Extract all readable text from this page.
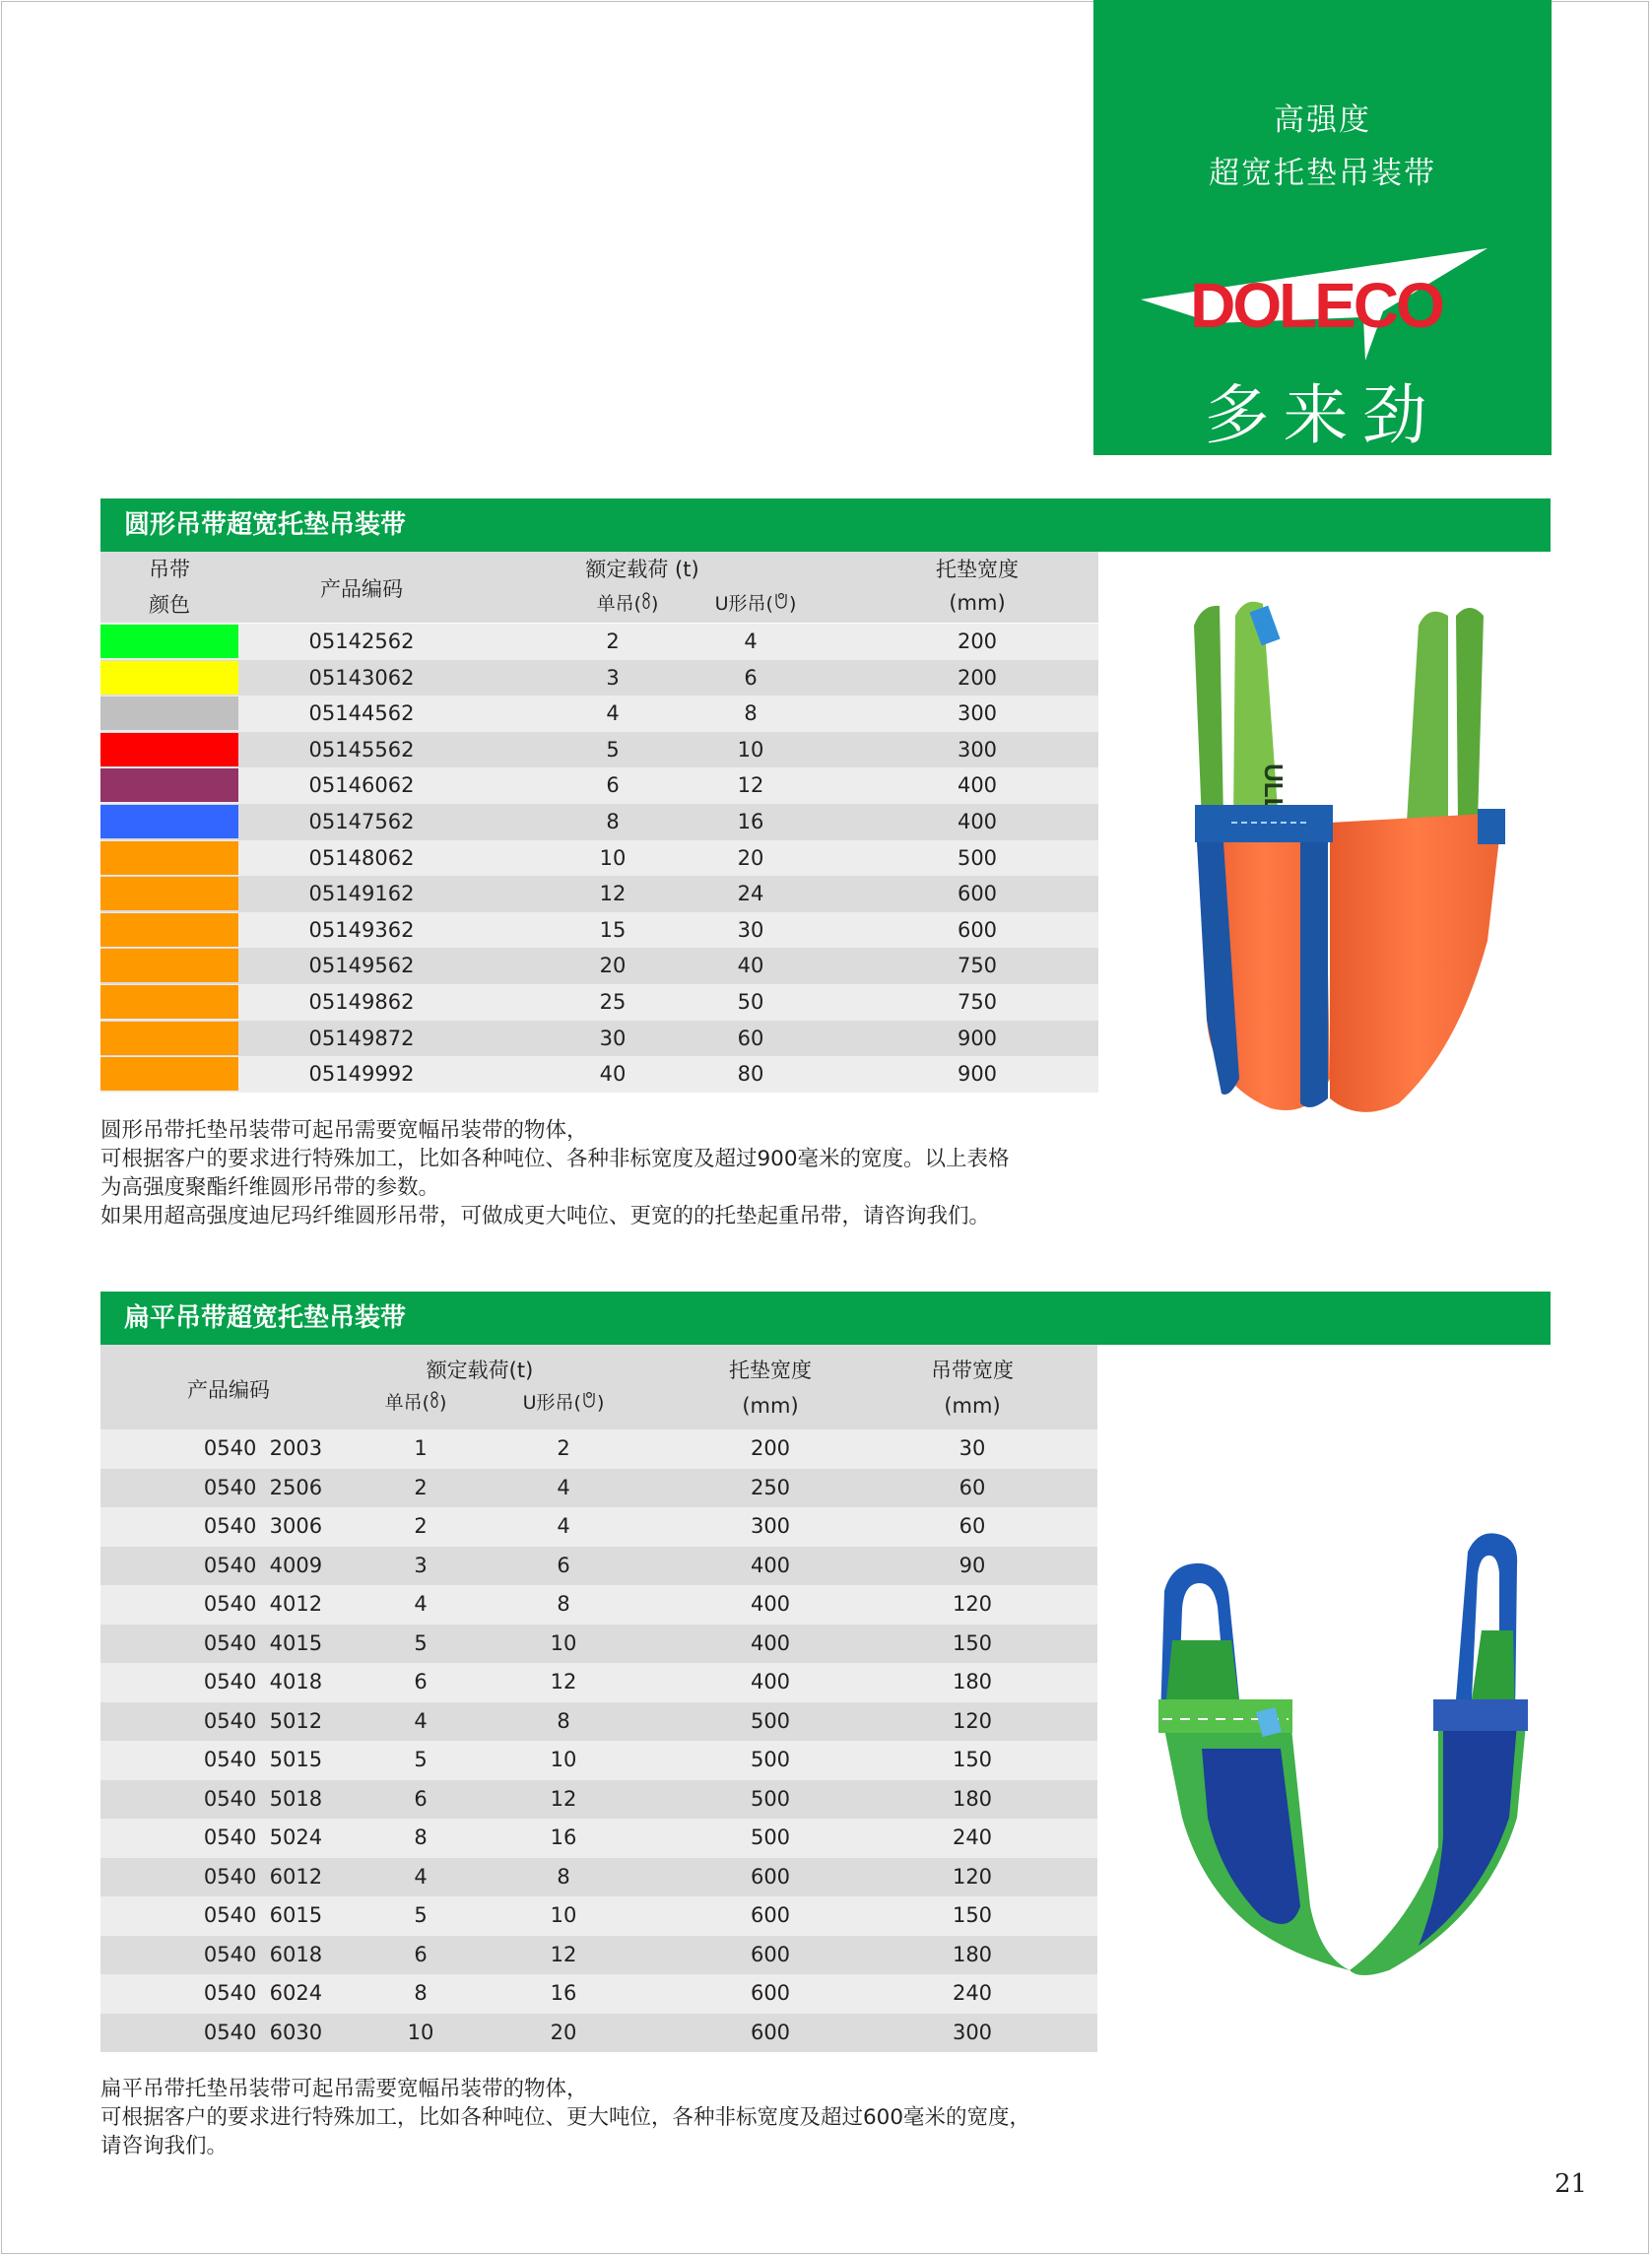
高强度
超宽托垫吊装带
DOLECO
多来劲
圆形吊带超宽托垫吊装带
吊带
颜色
产品编码
额定载荷 (t)
单吊( )	U形吊( )
托垫宽度
(mm)
05142562	2	4	200
05143062	3	6	200
05144562	4	8	300
05145562	5	10	300
05146062	6	12	400
05147562	8	16	400
05148062	10	20	500
05149162	12	24	600
05149362	15	30	600
05149562	20	40	750
05149862	25	50	750
05149872	30	60	900
05149992	40	80	900
圆形吊带托垫吊装带可起吊需要宽幅吊装带的物体，
可根据客户的要求进行特殊加工，比如各种吨位、各种非标宽度及超过900毫米的宽度。以上表格
为高强度聚酯纤维圆形吊带的参数。
如果用超高强度迪尼玛纤维圆形吊带，可做成更大吨位、更宽的的托垫起重吊带，请咨询我们。
扁平吊带超宽托垫吊装带
产品编码
额定载荷(t)
单吊( )	U形吊( )
托垫宽度
(mm)
吊带宽度
(mm)
0540  2003	1	2	200	30
0540  2506	2	4	250	60
0540  3006	2	4	300	60
0540  4009	3	6	400	90
0540  4012	4	8	400	120
0540  4015	5	10	400	150
0540  4018	6	12	400	180
0540  5012	4	8	500	120
0540  5015	5	10	500	150
0540  5018	6	12	500	180
0540  5024	8	16	500	240
0540  6012	4	8	600	120
0540  6015	5	10	600	150
0540  6018	6	12	600	180
0540  6024	8	16	600	240
0540  6030	10	20	600	300
扁平吊带托垫吊装带可起吊需要宽幅吊装带的物体，
可根据客户的要求进行特殊加工，比如各种吨位、更大吨位，各种非标宽度及超过600毫米的宽度，
请咨询我们。
21
